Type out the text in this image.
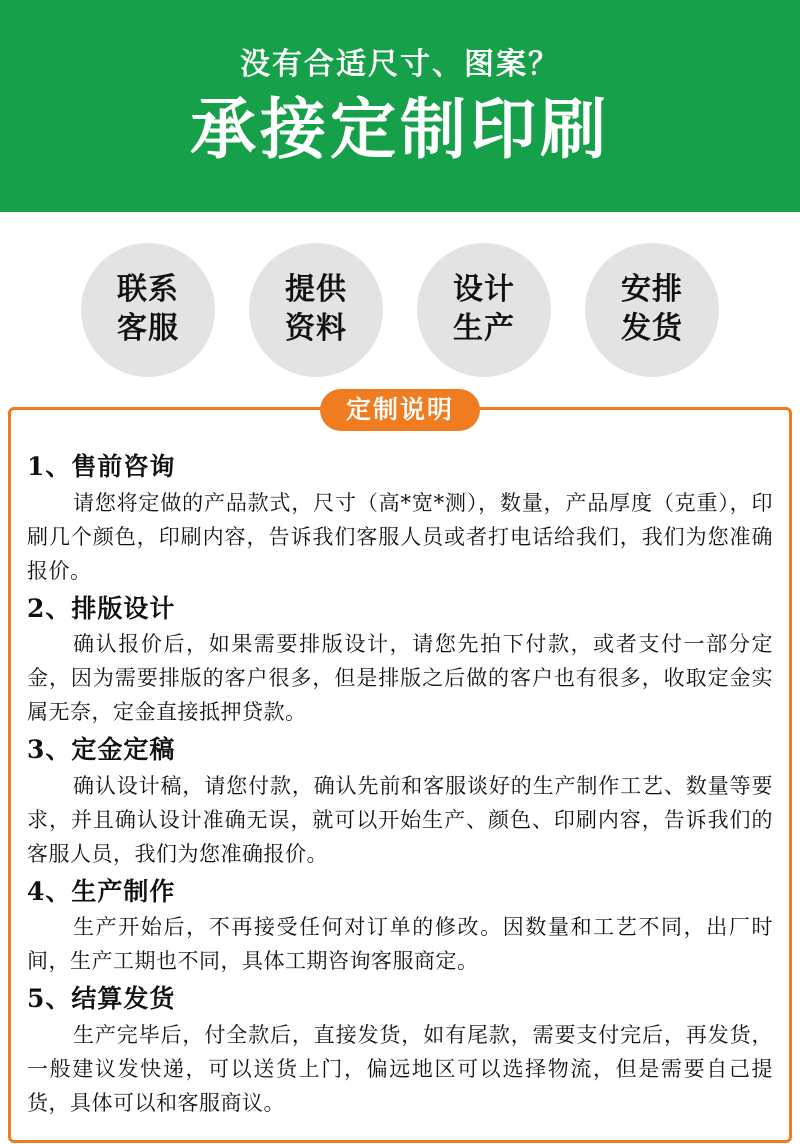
没有合适尺寸、图案？
承接定制印刷
联系
客服
提供
资料
设计
生产
安排
发货
定制说明
1、售前咨询
请您将定做的产品款式，尺寸（高*宽*测），数量，产品厚度（克重），印刷几个颜色，印刷内容，告诉我们客服人员或者打电话给我们，我们为您准确报价。
2、排版设计
确认报价后，如果需要排版设计，请您先拍下付款，或者支付一部分定金，因为需要排版的客户很多，但是排版之后做的客户也有很多，收取定金实属无奈，定金直接抵押贷款。
3、定金定稿
确认设计稿，请您付款，确认先前和客服谈好的生产制作工艺、数量等要求，并且确认设计准确无误，就可以开始生产、颜色、印刷内容，告诉我们的客服人员，我们为您准确报价。
4、生产制作
生产开始后，不再接受任何对订单的修改。因数量和工艺不同，出厂时间，生产工期也不同，具体工期咨询客服商定。
5、结算发货
生产完毕后，付全款后，直接发货，如有尾款，需要支付完后，再发货，一般建议发快递，可以送货上门，偏远地区可以选择物流，但是需要自己提货，具体可以和客服商议。
